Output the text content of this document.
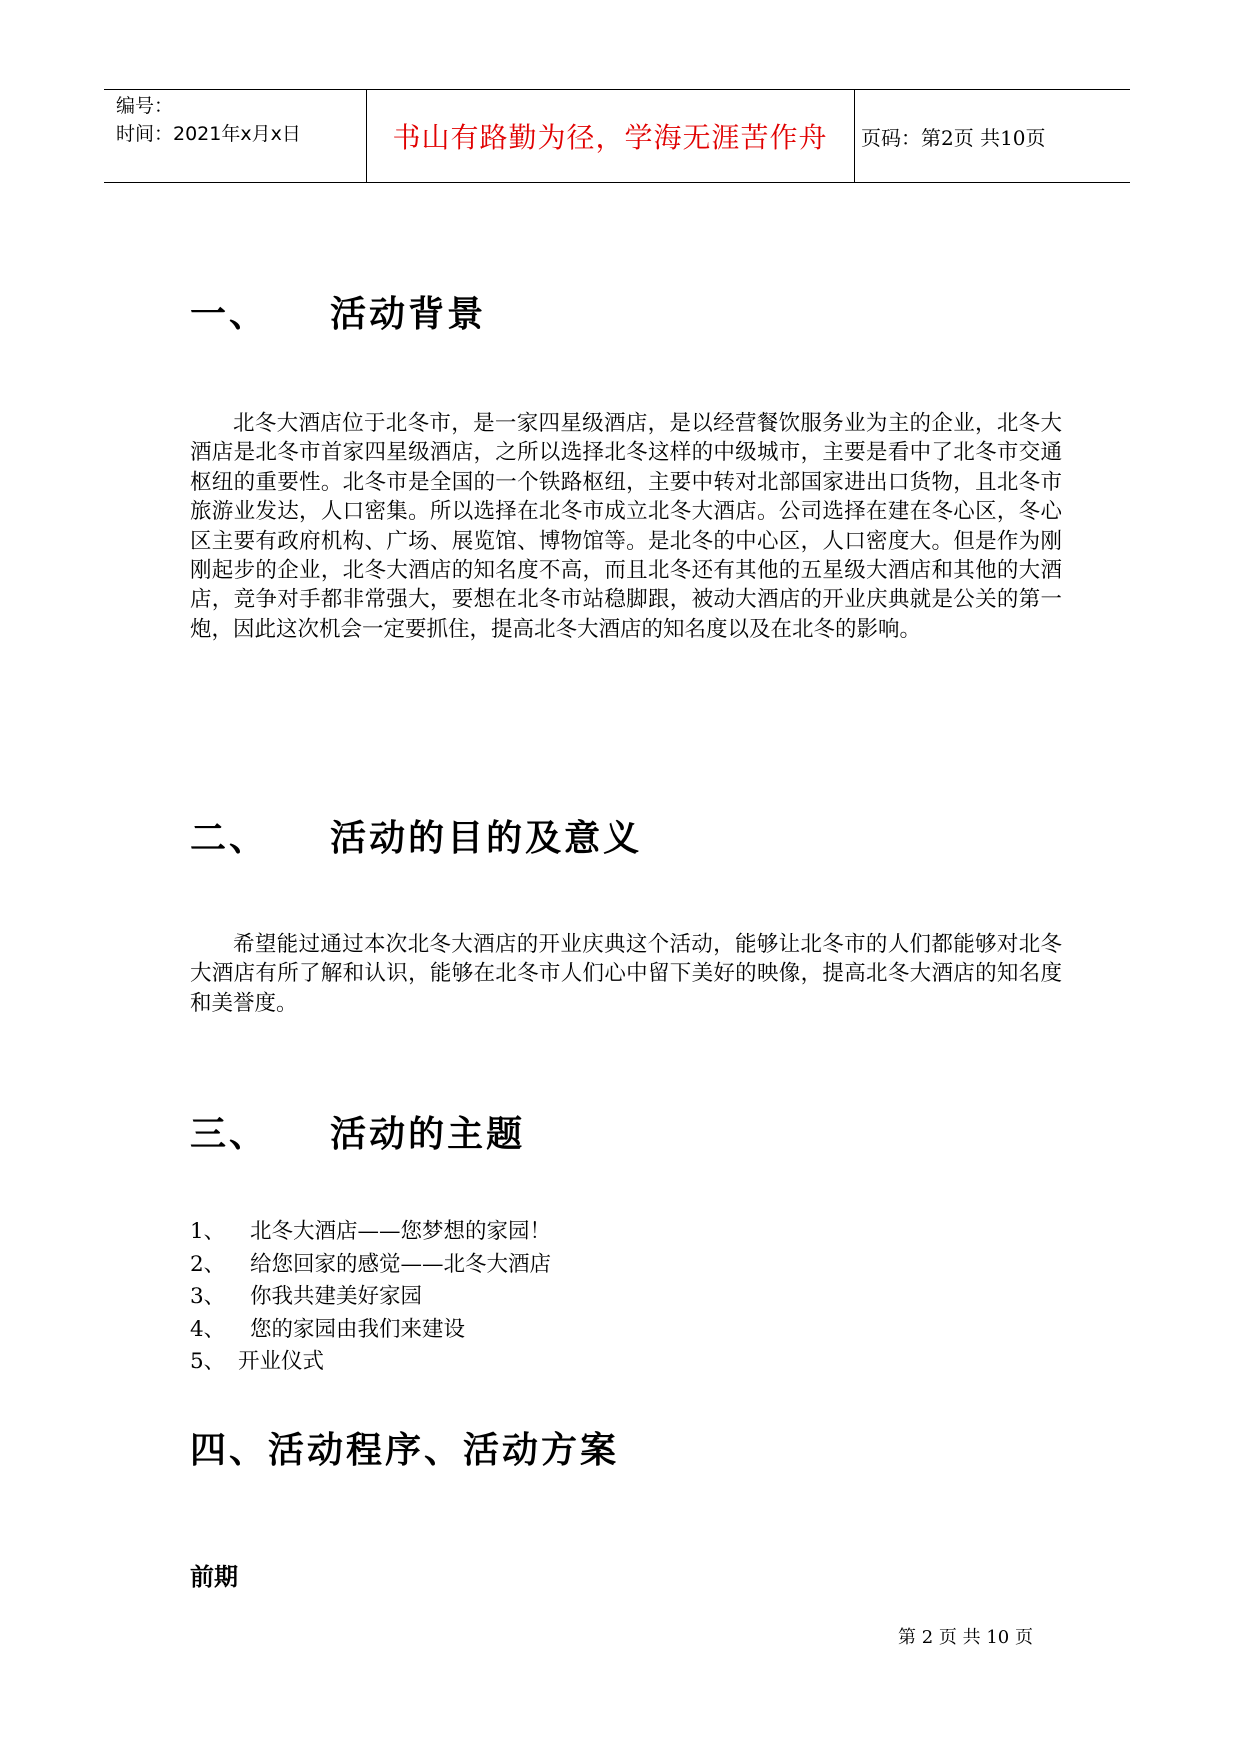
编号：
时间：2021年x月x日	书山有路勤为径，学海无涯苦作舟	页码：第2页 共10页
一、    活动背景
北冬大酒店位于北冬市，是一家四星级酒店，是以经营餐饮服务业为主的企业，北冬大酒店是北冬市首家四星级酒店，之所以选择北冬这样的中级城市，主要是看中了北冬市交通枢纽的重要性。北冬市是全国的一个铁路枢纽，主要中转对北部国家进出口货物，且北冬市旅游业发达，人口密集。所以选择在北冬市成立北冬大酒店。公司选择在建在冬心区，冬心区主要有政府机构、广场、展览馆、博物馆等。是北冬的中心区，人口密度大。但是作为刚刚起步的企业，北冬大酒店的知名度不高，而且北冬还有其他的五星级大酒店和其他的大酒店，竞争对手都非常强大，要想在北冬市站稳脚跟，被动大酒店的开业庆典就是公关的第一炮，因此这次机会一定要抓住，提高北冬大酒店的知名度以及在北冬的影响。
二、    活动的目的及意义
希望能过通过本次北冬大酒店的开业庆典这个活动，能够让北冬市的人们都能够对北冬大酒店有所了解和认识，能够在北冬市人们心中留下美好的映像，提高北冬大酒店的知名度和美誉度。
三、    活动的主题
1、 北冬大酒店——您梦想的家园！
2、 给您回家的感觉——北冬大酒店
3、 你我共建美好家园
4、 您的家园由我们来建设
5、 开业仪式
四、活动程序、活动方案
前期
第 2 页 共 10 页
